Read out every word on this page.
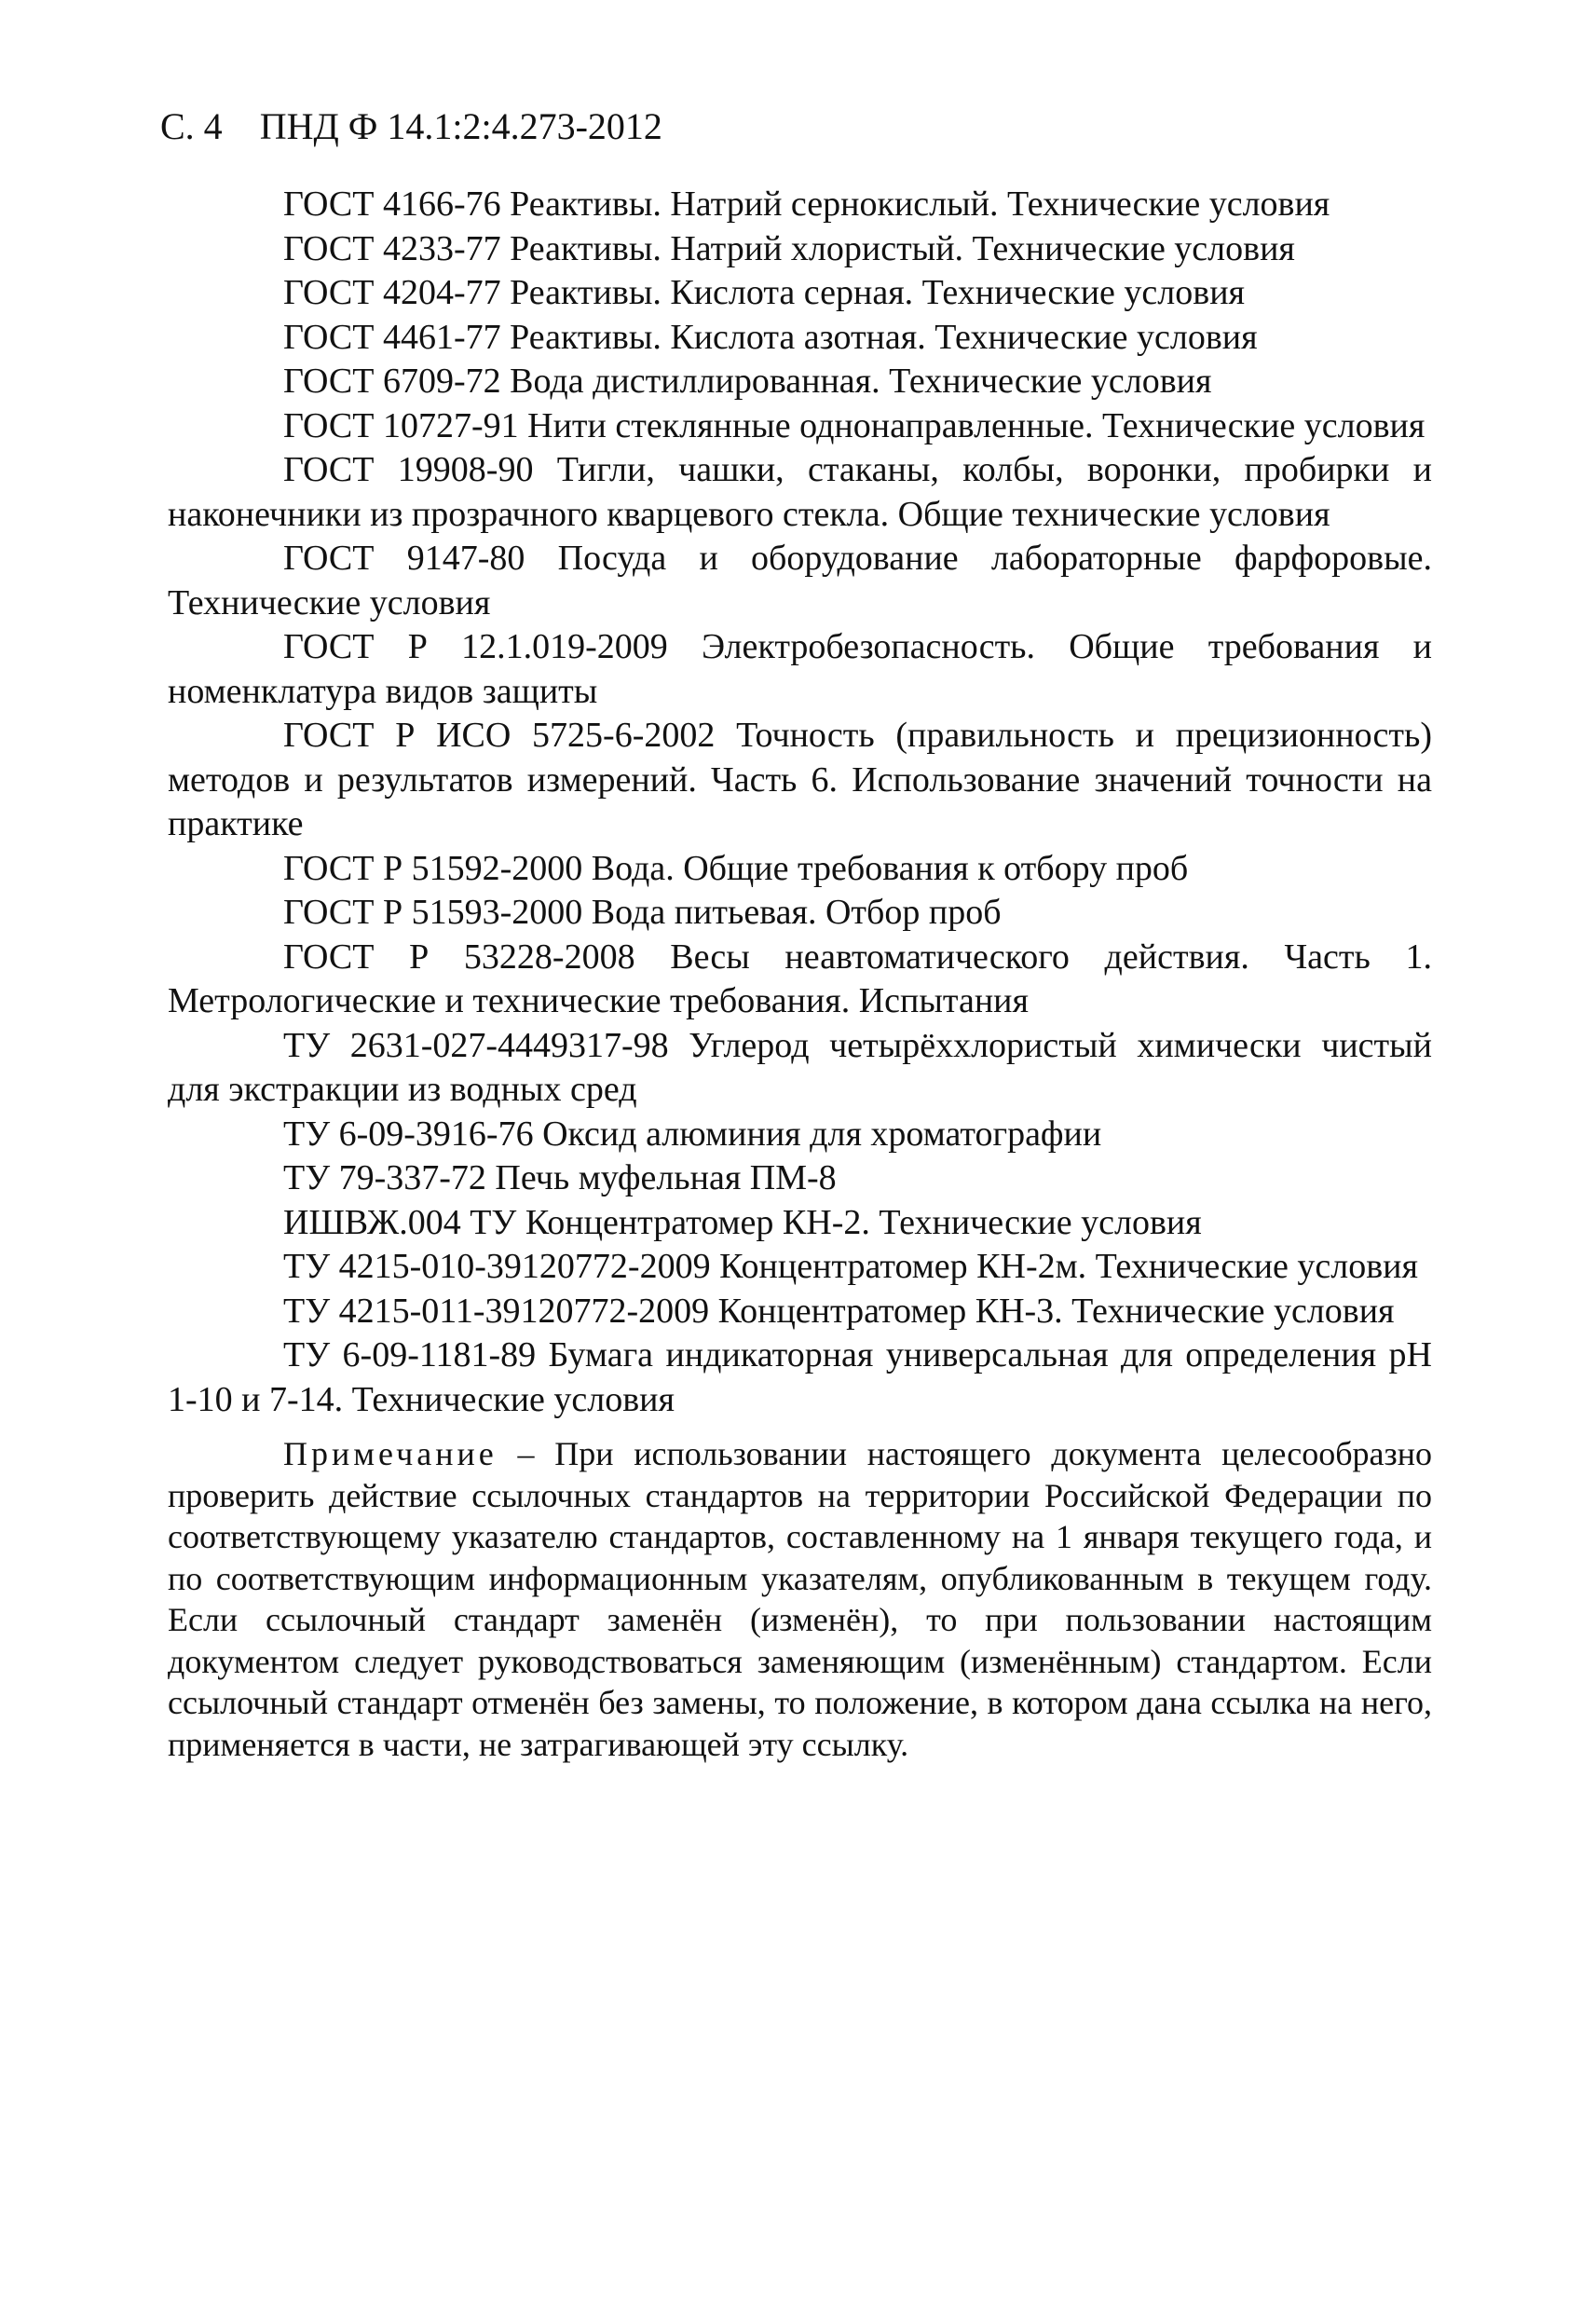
С. 4 ПНД Ф 14.1:2:4.273-2012

ГОСТ 4166-76 Реактивы. Натрий сернокислый. Технические условия

ГОСТ 4233-77 Реактивы. Натрий хлористый. Технические условия

ГОСТ 4204-77 Реактивы. Кислота серная. Технические условия

ГОСТ 4461-77 Реактивы. Кислота азотная. Технические условия

ГОСТ 6709-72 Вода дистиллированная. Технические условия

ГОСТ 10727-91 Нити стеклянные однонаправленные. Технические условия

ГОСТ 19908-90 Тигли, чашки, стаканы, колбы, воронки, пробирки и наконечники из прозрачного кварцевого стекла. Общие технические условия

ГОСТ 9147-80 Посуда и оборудование лабораторные фарфоровые. Технические условия

ГОСТ Р 12.1.019-2009 Электробезопасность. Общие требования и номенклатура видов защиты

ГОСТ Р ИСО 5725-6-2002 Точность (правильность и прецизионность) методов и результатов измерений. Часть 6. Использование значений точности на практике

ГОСТ Р 51592-2000 Вода. Общие требования к отбору проб

ГОСТ Р 51593-2000 Вода питьевая. Отбор проб

ГОСТ Р 53228-2008 Весы неавтоматического действия. Часть 1. Метрологические и технические требования. Испытания

ТУ 2631-027-4449317-98 Углерод четырёххлористый химически чистый для экстракции из водных сред

ТУ 6-09-3916-76 Оксид алюминия для хроматографии

ТУ 79-337-72 Печь муфельная ПМ-8

ИШВЖ.004 ТУ Концентратомер КН-2. Технические условия

ТУ 4215-010-39120772-2009 Концентратомер КН-2м. Технические условия

ТУ 4215-011-39120772-2009 Концентратомер КН-3. Технические условия

ТУ 6-09-1181-89 Бумага индикаторная универсальная для определения pH 1-10 и 7-14. Технические условия

Примечание – При использовании настоящего документа целесообразно проверить действие ссылочных стандартов на территории Российской Федерации по соответствующему указателю стандартов, составленному на 1 января текущего года, и по соответствующим информационным указателям, опубликованным в текущем году. Если ссылочный стандарт заменён (изменён), то при пользовании настоящим документом следует руководствоваться заменяющим (изменённым) стандартом. Если ссылочный стандарт отменён без замены, то положение, в котором дана ссылка на него, применяется в части, не затрагивающей эту ссылку.
